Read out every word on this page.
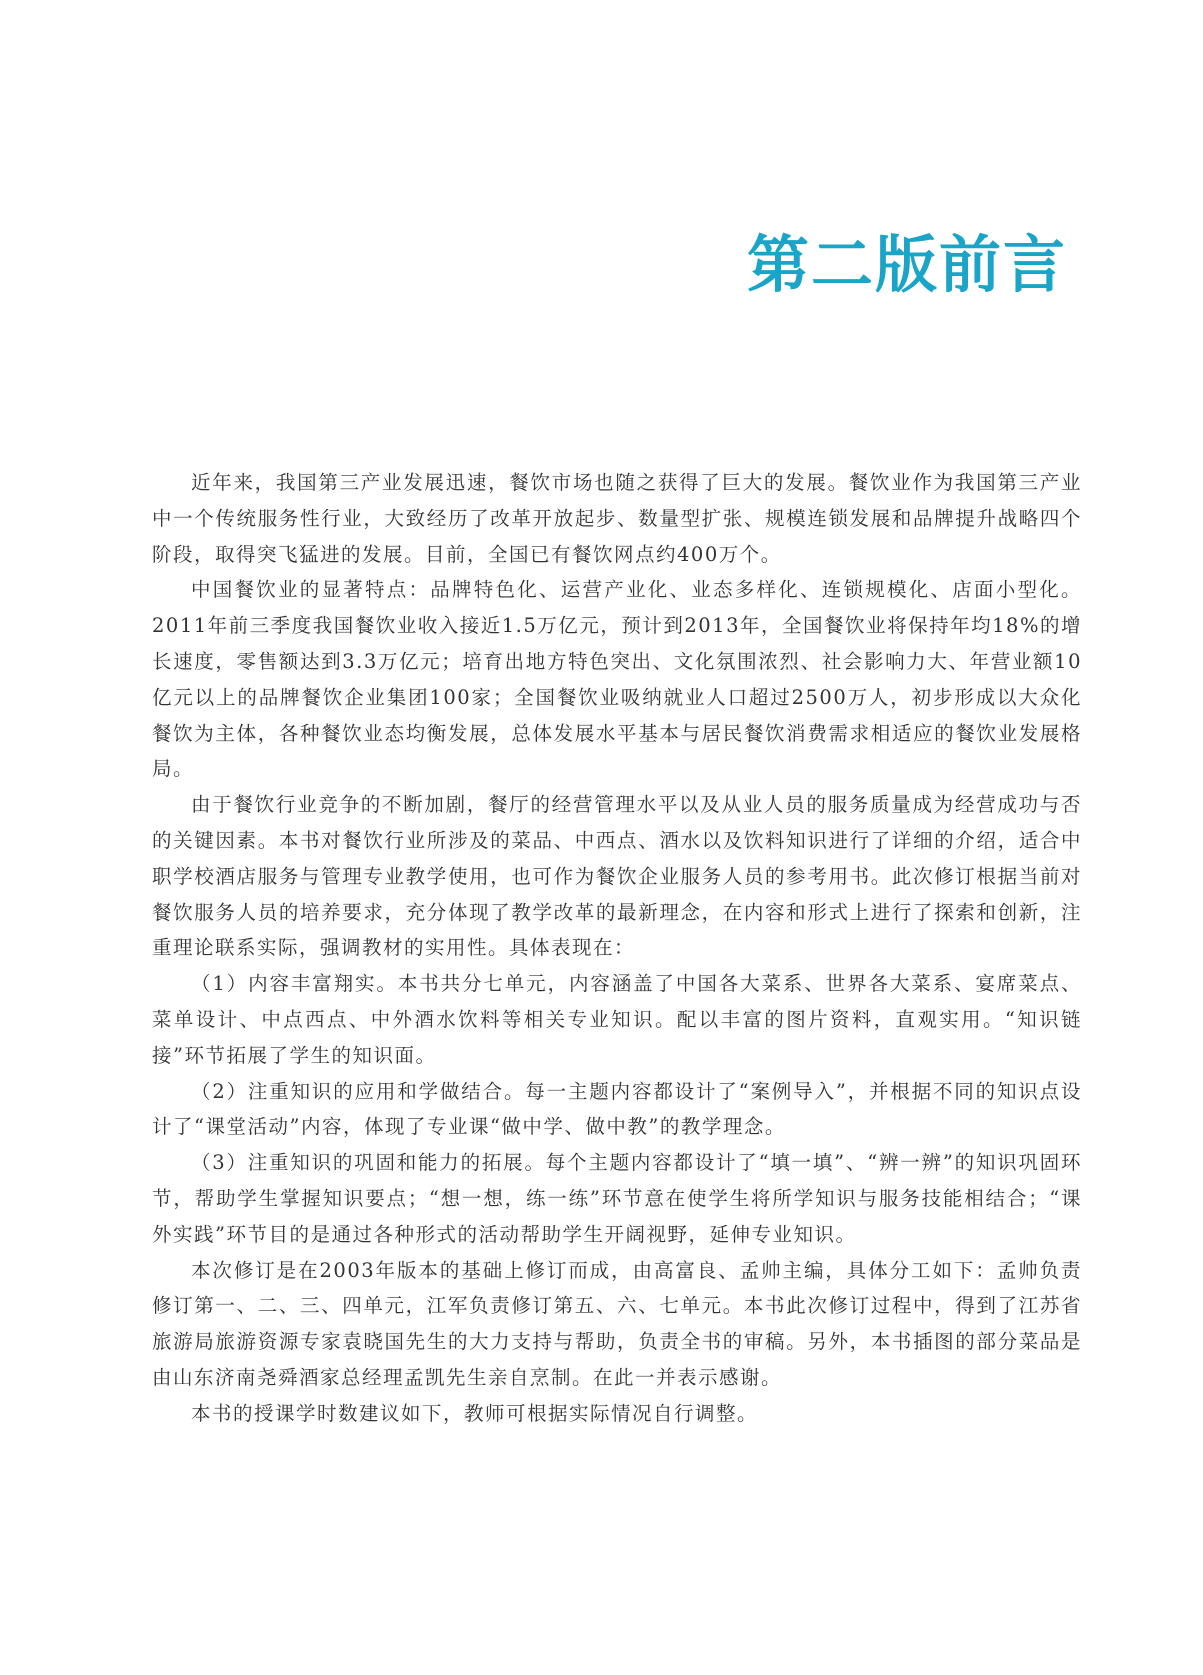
第二版前言

近年来，我国第三产业发展迅速，餐饮市场也随之获得了巨大的发展。餐饮业作为我国第三产业中一个传统服务性行业，大致经历了改革开放起步、数量型扩张、规模连锁发展和品牌提升战略四个阶段，取得突飞猛进的发展。目前，全国已有餐饮网点约400万个。

中国餐饮业的显著特点：品牌特色化、运营产业化、业态多样化、连锁规模化、店面小型化。2011年前三季度我国餐饮业收入接近1.5万亿元，预计到2013年，全国餐饮业将保持年均18%的增长速度，零售额达到3.3万亿元；培育出地方特色突出、文化氛围浓烈、社会影响力大、年营业额10亿元以上的品牌餐饮企业集团100家；全国餐饮业吸纳就业人口超过2500万人，初步形成以大众化餐饮为主体，各种餐饮业态均衡发展，总体发展水平基本与居民餐饮消费需求相适应的餐饮业发展格局。

由于餐饮行业竞争的不断加剧，餐厅的经营管理水平以及从业人员的服务质量成为经营成功与否的关键因素。本书对餐饮行业所涉及的菜品、中西点、酒水以及饮料知识进行了详细的介绍，适合中职学校酒店服务与管理专业教学使用，也可作为餐饮企业服务人员的参考用书。此次修订根据当前对餐饮服务人员的培养要求，充分体现了教学改革的最新理念，在内容和形式上进行了探索和创新，注重理论联系实际，强调教材的实用性。具体表现在：

（1）内容丰富翔实。本书共分七单元，内容涵盖了中国各大菜系、世界各大菜系、宴席菜点、菜单设计、中点西点、中外酒水饮料等相关专业知识。配以丰富的图片资料，直观实用。“知识链接”环节拓展了学生的知识面。

（2）注重知识的应用和学做结合。每一主题内容都设计了“案例导入”，并根据不同的知识点设计了“课堂活动”内容，体现了专业课“做中学、做中教”的教学理念。

（3）注重知识的巩固和能力的拓展。每个主题内容都设计了“填一填”、“辨一辨”的知识巩固环节，帮助学生掌握知识要点；“想一想，练一练”环节意在使学生将所学知识与服务技能相结合；“课外实践”环节目的是通过各种形式的活动帮助学生开阔视野，延伸专业知识。

本次修订是在2003年版本的基础上修订而成，由高富良、孟帅主编，具体分工如下：孟帅负责修订第一、二、三、四单元，江军负责修订第五、六、七单元。本书此次修订过程中，得到了江苏省旅游局旅游资源专家袁晓国先生的大力支持与帮助，负责全书的审稿。另外，本书插图的部分菜品是由山东济南尧舜酒家总经理孟凯先生亲自烹制。在此一并表示感谢。

本书的授课学时数建议如下，教师可根据实际情况自行调整。
